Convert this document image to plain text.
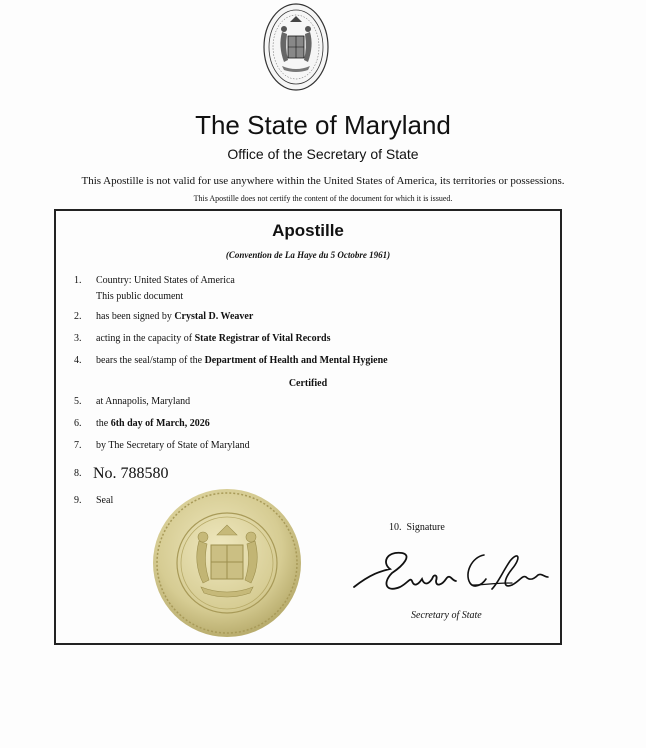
The State of Maryland
Office of the Secretary of State
This Apostille is not valid for use anywhere within the United States of America, its territories or possessions.
This Apostille does not certify the content of the document for which it is issued.
Apostille
(Convention de La Haye du 5 Octobre 1961)
1. Country: United States of America
This public document
2. has been signed by Crystal D. Weaver
3. acting in the capacity of State Registrar of Vital Records
4. bears the seal/stamp of the Department of Health and Mental Hygiene
Certified
5. at Annapolis, Maryland
6. the 6th day of March, 2026
7. by The Secretary of State of Maryland
8. No. 788580
9. Seal
10. Signature
Secretary of State
